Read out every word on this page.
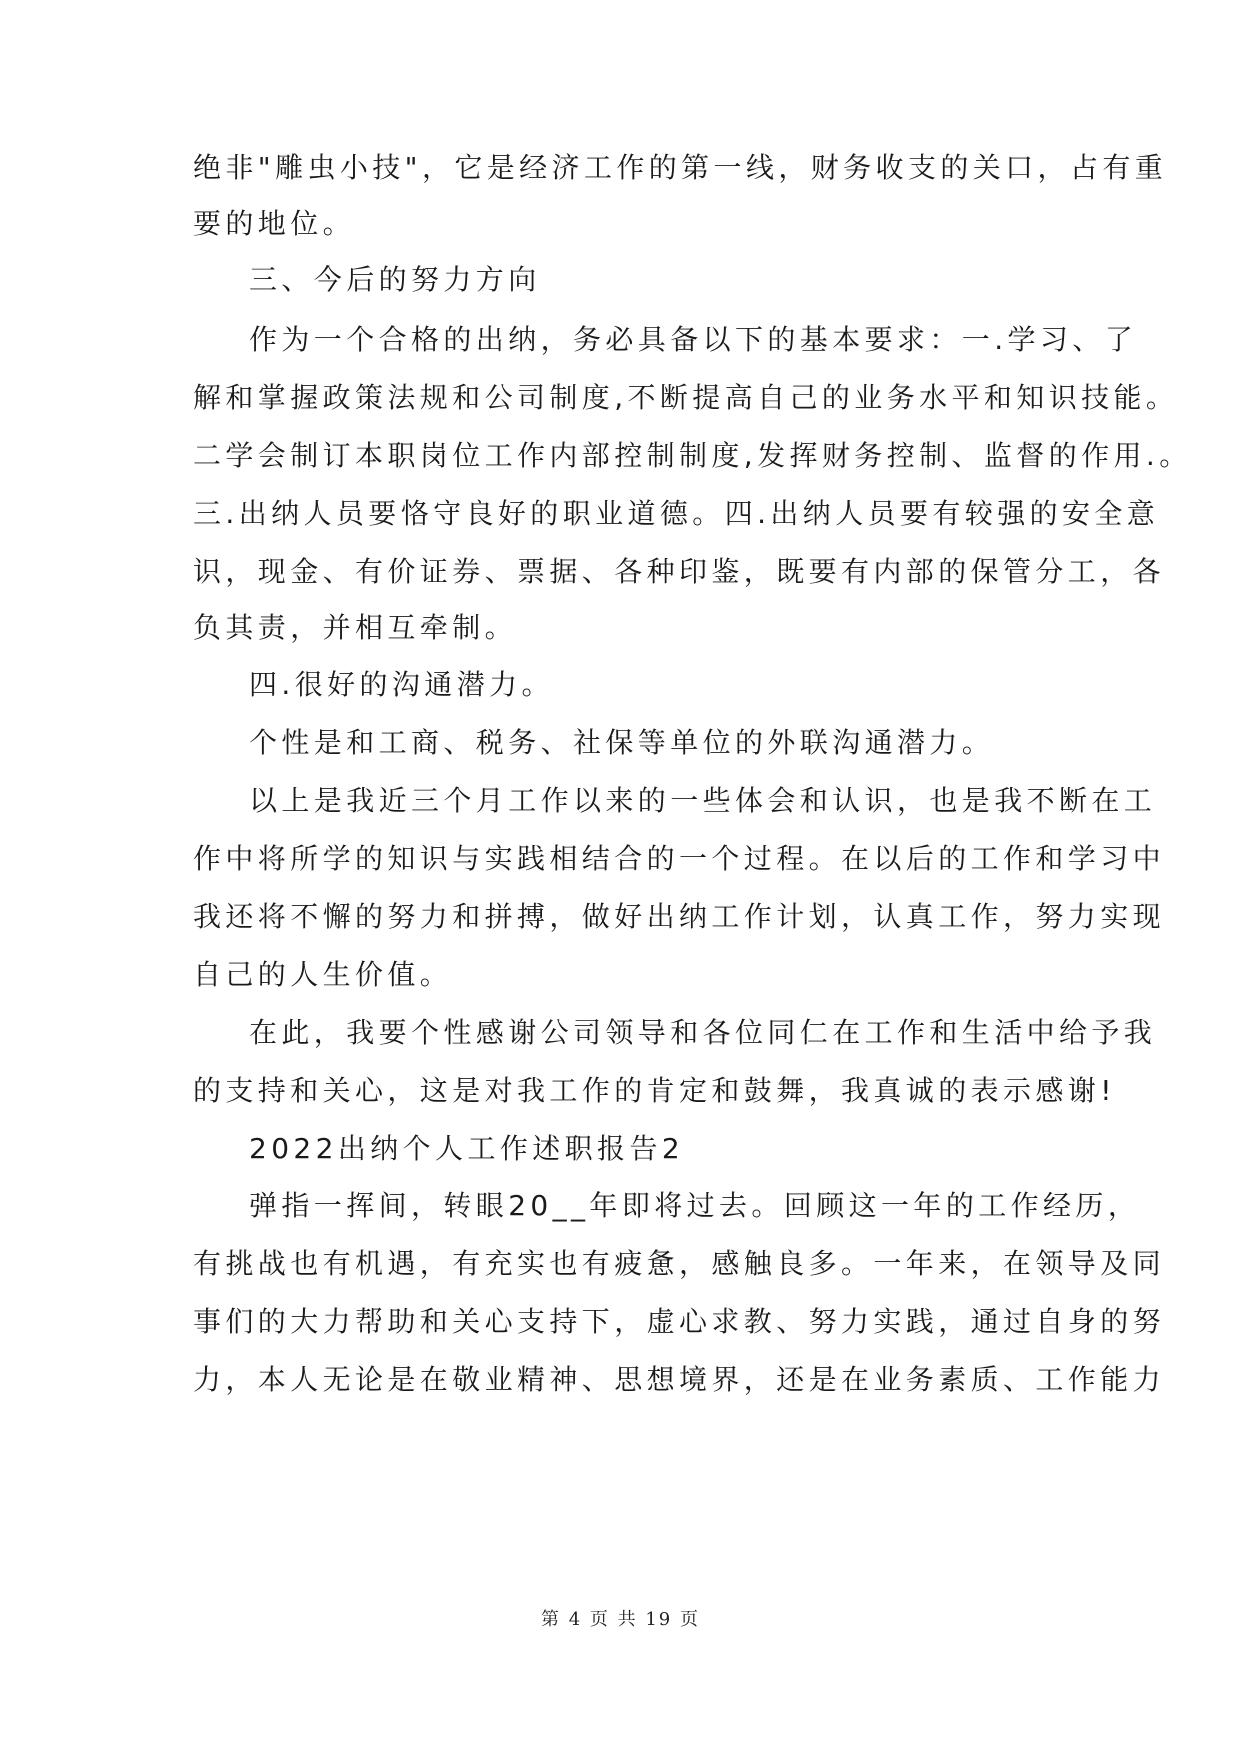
绝非"雕虫小技"，它是经济工作的第一线，财务收支的关口，占有重
要的地位。
三、今后的努力方向
作为一个合格的出纳，务必具备以下的基本要求：一.学习、了
解和掌握政策法规和公司制度,不断提高自己的业务水平和知识技能。
二学会制订本职岗位工作内部控制制度,发挥财务控制、监督的作用.。
三.出纳人员要恪守良好的职业道德。四.出纳人员要有较强的安全意
识，现金、有价证券、票据、各种印鉴，既要有内部的保管分工，各
负其责，并相互牵制。
四.很好的沟通潜力。
个性是和工商、税务、社保等单位的外联沟通潜力。
以上是我近三个月工作以来的一些体会和认识，也是我不断在工
作中将所学的知识与实践相结合的一个过程。在以后的工作和学习中
我还将不懈的努力和拼搏，做好出纳工作计划，认真工作，努力实现
自己的人生价值。
在此，我要个性感谢公司领导和各位同仁在工作和生活中给予我
的支持和关心，这是对我工作的肯定和鼓舞，我真诚的表示感谢!
2022出纳个人工作述职报告2
弹指一挥间，转眼20__年即将过去。回顾这一年的工作经历，
有挑战也有机遇，有充实也有疲惫，感触良多。一年来，在领导及同
事们的大力帮助和关心支持下，虚心求教、努力实践，通过自身的努
力，本人无论是在敬业精神、思想境界，还是在业务素质、工作能力
第 4 页 共 19 页
